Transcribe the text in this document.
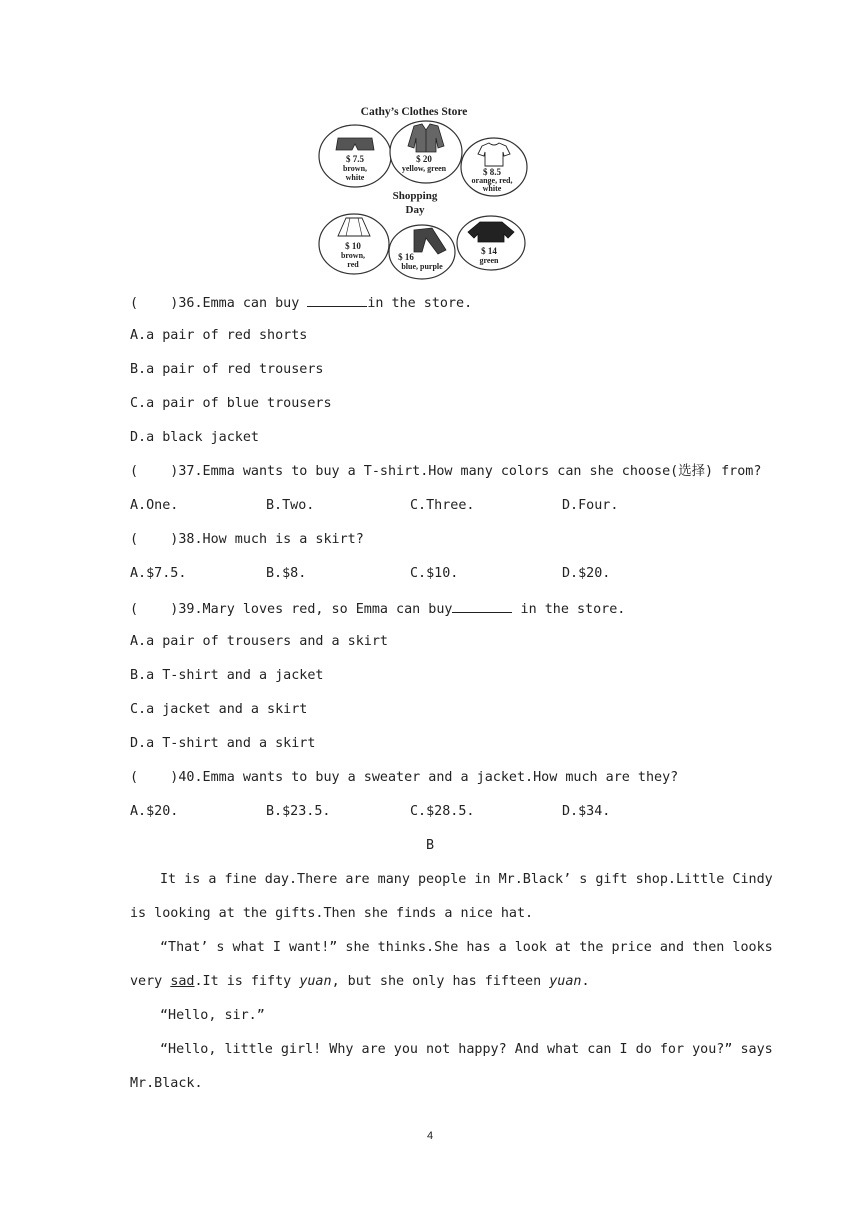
Cathy’s Clothes Store
$ 7.5
brown,
white
$ 20
yellow, green	$ 8.5
orange, red,
white
Shopping
Day
$ 10
brown,
red
$ 16
blue, purple
$ 14
green
(    )36.Emma can buy	in the store.
A.a pair of red shorts
B.a pair of red trousers
C.a pair of blue trousers
D.a black jacket
(    )37.Emma wants to buy a T-shirt.How many colors can she choose(选择) from?
A.One.	B.Two.	C.Three.	D.Four.
(    )38.How much is a skirt?
A.$7.5.	B.$8.	C.$10.	D.$20.
(    )39.Mary loves red, so Emma can buy	in the store.
A.a pair of trousers and a skirt
B.a T-shirt and a jacket
C.a jacket and a skirt
D.a T-shirt and a skirt
(    )40.Emma wants to buy a sweater and a jacket.How much are they?
A.$20.	B.$23.5.	C.$28.5.	D.$34.
B
It is a fine day.There are many people in Mr.Black’ s gift shop.Little Cindy
is looking at the gifts.Then she finds a nice hat.
“That’ s what I want!” she thinks.She has a look at the price and then looks
very sad.It is fifty yuan, but she only has fifteen yuan.
“Hello, sir.”
“Hello, little girl! Why are you not happy? And what can I do for you?” says
Mr.Black.
4
